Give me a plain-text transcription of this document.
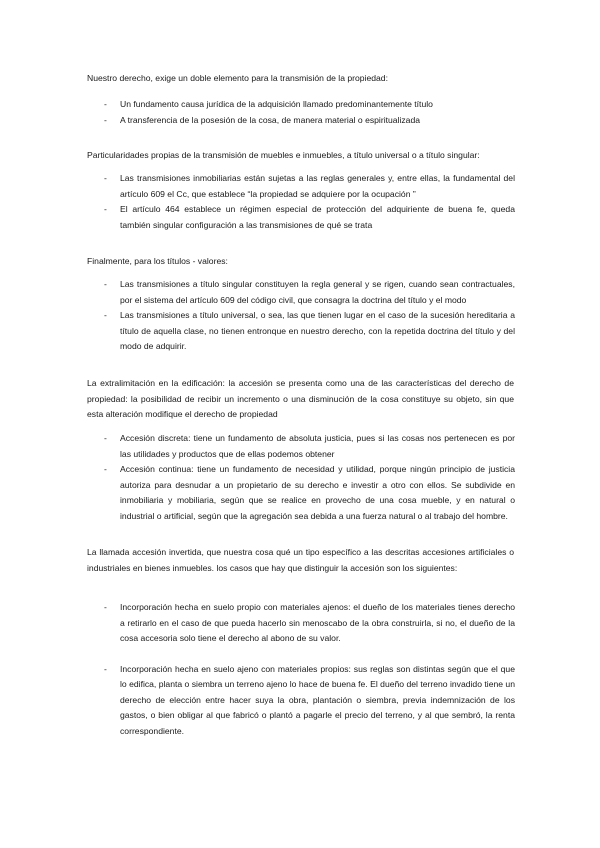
Nuestro derecho, exige un doble elemento para la transmisión de la propiedad:

- Un fundamento causa jurídica de la adquisición llamado predominantemente título
- A transferencia de la posesión de la cosa, de manera material o espiritualizada

Particularidades propias de la transmisión de muebles e inmuebles, a título universal o a título singular:

- Las transmisiones inmobiliarias están sujetas a las reglas generales y, entre ellas, la fundamental del artículo 609 el Cc, que establece “la propiedad se adquiere por la ocupación ”
- El artículo 464 establece un régimen especial de protección del adquiriente de buena fe, queda también singular configuración a las transmisiones de qué se trata

Finalmente, para los títulos - valores:

- Las transmisiones a título singular constituyen la regla general y se rigen, cuando sean contractuales, por el sistema del artículo 609 del código civil, que consagra la doctrina del título y el modo
- Las transmisiones a título universal, o sea, las que tienen lugar en el caso de la sucesión hereditaria a título de aquella clase, no tienen entronque en nuestro derecho, con la repetida doctrina del título y del modo de adquirir.

La extralimitación en la edificación: la accesión se presenta como una de las características del derecho de propiedad: la posibilidad de recibir un incremento o una disminución de la cosa constituye su objeto, sin que esta alteración modifique el derecho de propiedad

- Accesión discreta: tiene un fundamento de absoluta justicia, pues si las cosas nos pertenecen es por las utilidades y productos que de ellas podemos obtener
- Accesión continua: tiene un fundamento de necesidad y utilidad, porque ningún principio de justicia autoriza para desnudar a un propietario de su derecho e investir a otro con ellos. Se subdivide en inmobiliaria y mobiliaria, según que se realice en provecho de una cosa mueble, y en natural o industrial o artificial, según que la agregación sea debida a una fuerza natural o al trabajo del hombre.

La llamada accesión invertida, que nuestra cosa qué un tipo específico a las descritas accesiones artificiales o industriales en bienes inmuebles. los casos que hay que distinguir la accesión son los siguientes:

- Incorporación hecha en suelo propio con materiales ajenos: el dueño de los materiales tienes derecho a retirarlo en el caso de que pueda hacerlo sin menoscabo de la obra construirla, si no, el dueño de la cosa accesoria solo tiene el derecho al abono de su valor.
- Incorporación hecha en suelo ajeno con materiales propios: sus reglas son distintas según que el que lo edifica, planta o siembra un terreno ajeno lo hace de buena fe. El dueño del terreno invadido tiene un derecho de elección entre hacer suya la obra, plantación o siembra, previa indemnización de los gastos, o bien obligar al que fabricó o plantó a pagarle el precio del terreno, y al que sembró, la renta correspondiente.
